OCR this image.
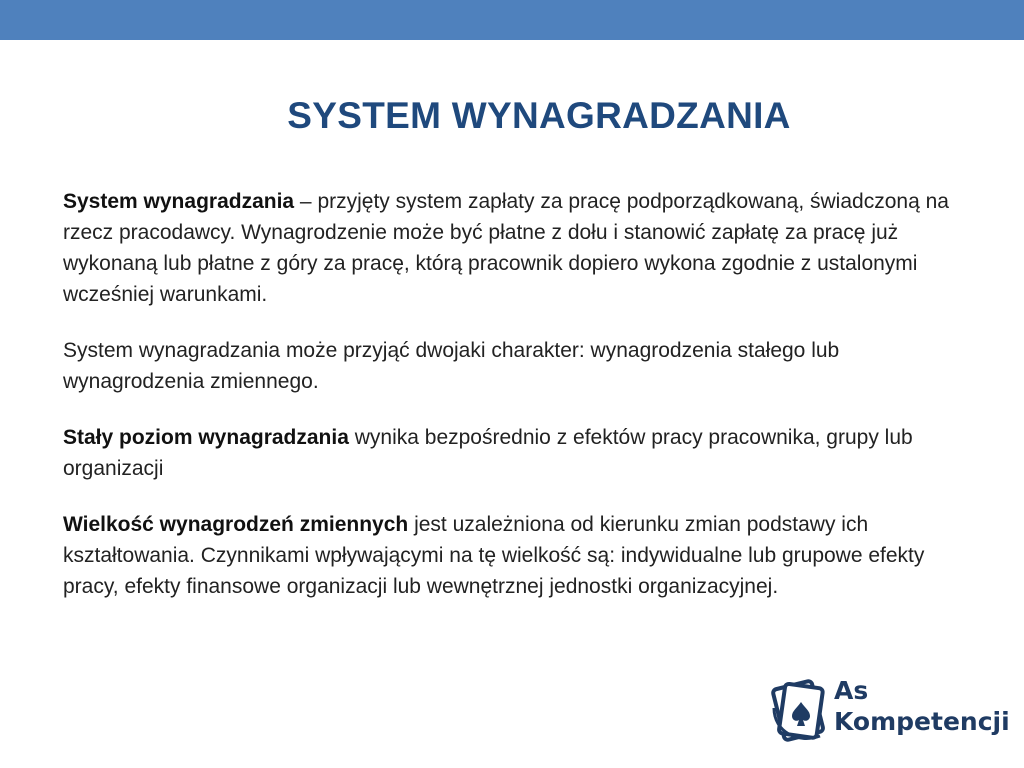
SYSTEM WYNAGRADZANIA

System wynagradzania – przyjęty system zapłaty za pracę podporządkowaną, świadczoną na rzecz pracodawcy. Wynagrodzenie może być płatne z dołu i stanowić zapłatę za pracę już wykonaną lub płatne z góry za pracę, którą pracownik dopiero wykona zgodnie z ustalonymi wcześniej warunkami.

System wynagradzania może przyjąć dwojaki charakter: wynagrodzenia stałego lub wynagrodzenia zmiennego.

Stały poziom wynagradzania wynika bezpośrednio z efektów pracy pracownika, grupy lub organizacji

Wielkość wynagrodzeń zmiennych jest uzależniona od kierunku zmian podstawy ich kształtowania. Czynnikami wpływającymi na tę wielkość są: indywidualne lub grupowe efekty pracy, efekty finansowe organizacji lub wewnętrznej jednostki organizacyjnej.

As
Kompetencji
